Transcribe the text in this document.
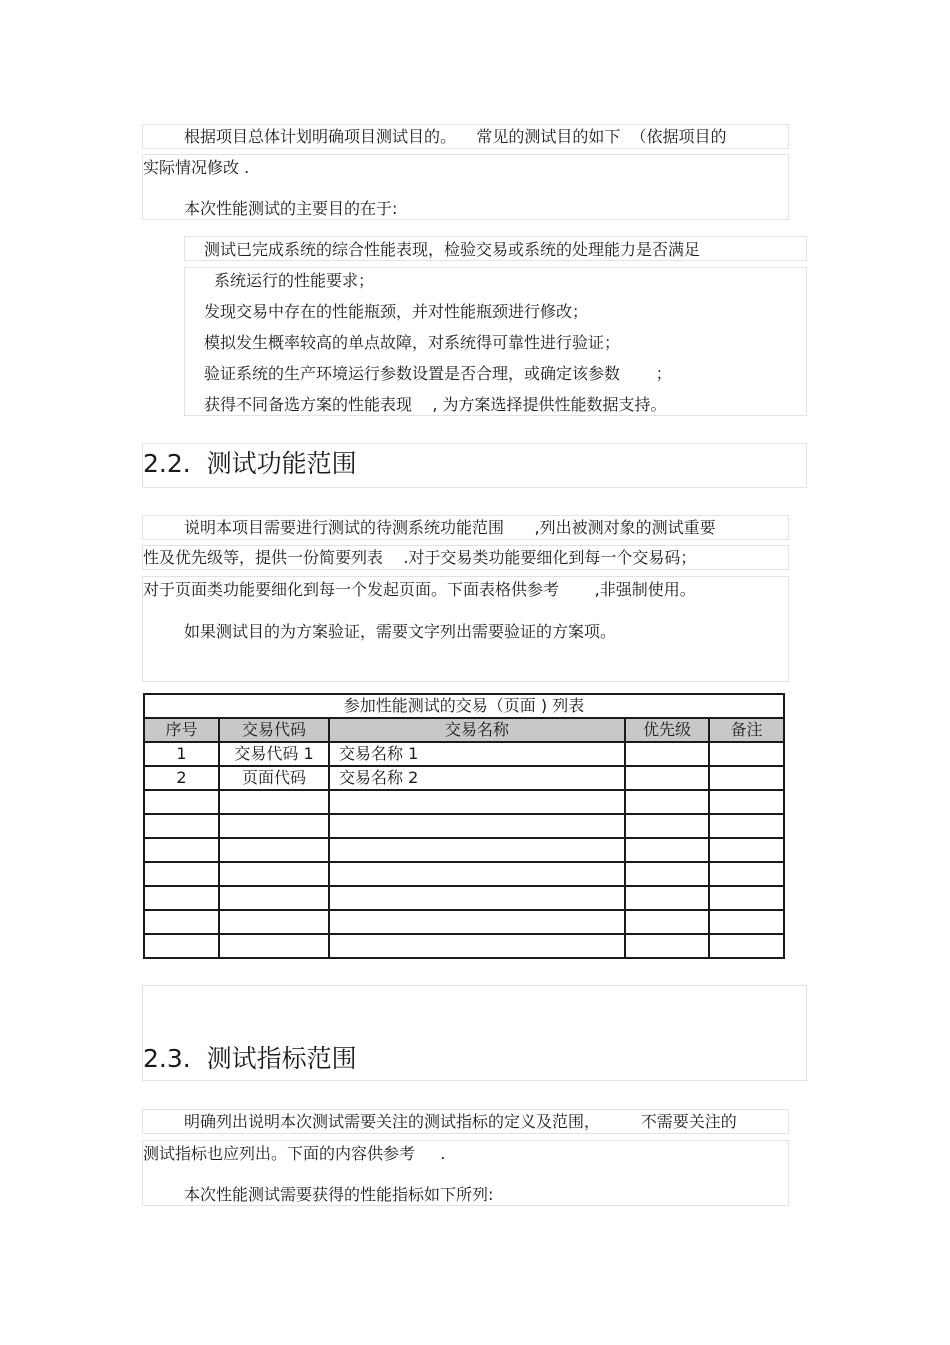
根据项目总体计划明确项目测试目的。    常见的测试目的如下  （依据项目的
实际情况修改 .
本次性能测试的主要目的在于:
测试已完成系统的综合性能表现，检验交易或系统的处理能力是否满足
系统运行的性能要求；
发现交易中存在的性能瓶颈，并对性能瓶颈进行修改；
模拟发生概率较高的单点故障，对系统得可靠性进行验证；
验证系统的生产环境运行参数设置是否合理，或确定该参数       ；
获得不同备选方案的性能表现    , 为方案选择提供性能数据支持。
2.2.  测试功能范围
说明本项目需要进行测试的待测系统功能范围      ,列出被测对象的测试重要
性及优先级等，提供一份简要列表    .对于交易类功能要细化到每一个交易码；
对于页面类功能要细化到每一个发起页面。下面表格供参考       ,非强制使用。
如果测试目的为方案验证，需要文字列出需要验证的方案项。
参加性能测试的交易（页面 ) 列表				
序号	交易代码	交易名称	优先级	备注
1	交易代码 1	交易名称 1		
2	页面代码	交易名称 2		

2.3.  测试指标范围
明确列出说明本次测试需要关注的测试指标的定义及范围，        不需要关注的
测试指标也应列出。下面的内容供参考     .
本次性能测试需要获得的性能指标如下所列:
